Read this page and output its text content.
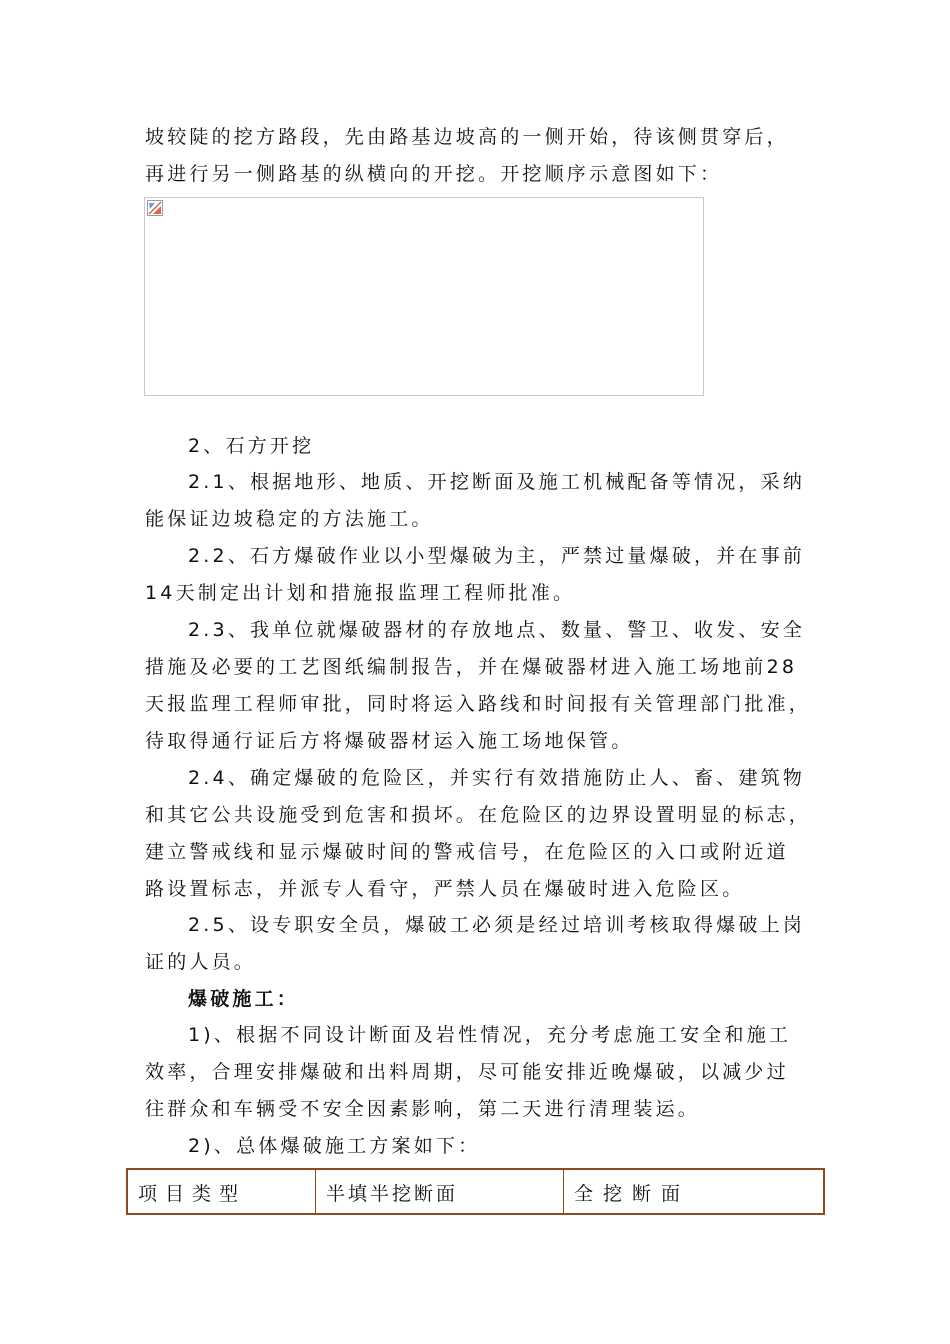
坡较陡的挖方路段，先由路基边坡高的一侧开始，待该侧贯穿后，
再进行另一侧路基的纵横向的开挖。开挖顺序示意图如下：
2、石方开挖
2.1、根据地形、地质、开挖断面及施工机械配备等情况，采纳
能保证边坡稳定的方法施工。
2.2、石方爆破作业以小型爆破为主，严禁过量爆破，并在事前
14天制定出计划和措施报监理工程师批准。
2.3、我单位就爆破器材的存放地点、数量、警卫、收发、安全
措施及必要的工艺图纸编制报告，并在爆破器材进入施工场地前28
天报监理工程师审批，同时将运入路线和时间报有关管理部门批准，
待取得通行证后方将爆破器材运入施工场地保管。
2.4、确定爆破的危险区，并实行有效措施防止人、畜、建筑物
和其它公共设施受到危害和损坏。在危险区的边界设置明显的标志，
建立警戒线和显示爆破时间的警戒信号，在危险区的入口或附近道
路设置标志，并派专人看守，严禁人员在爆破时进入危险区。
2.5、设专职安全员，爆破工必须是经过培训考核取得爆破上岗
证的人员。
爆破施工：
1)、根据不同设计断面及岩性情况，充分考虑施工安全和施工
效率，合理安排爆破和出料周期，尽可能安排近晚爆破，以减少过
往群众和车辆受不安全因素影响，第二天进行清理装运。
2)、总体爆破施工方案如下：
项目类型	半填半挖断面	全挖断面
